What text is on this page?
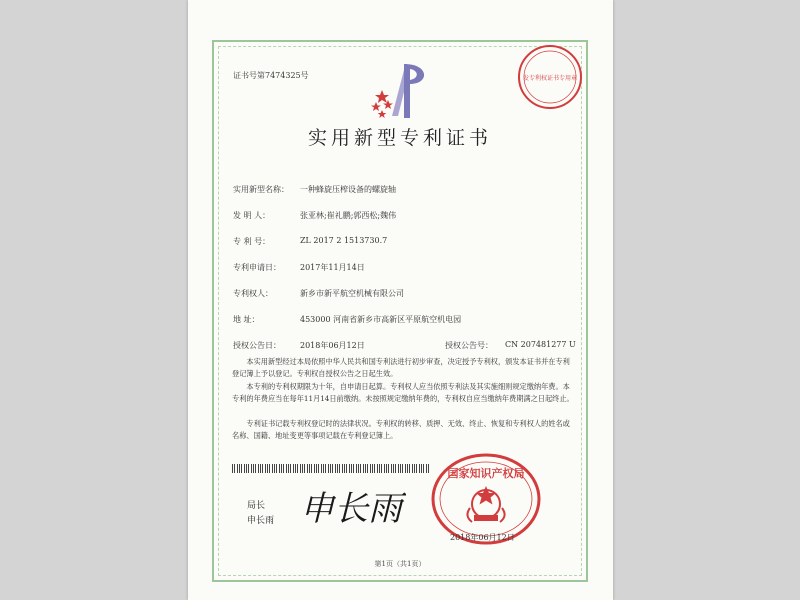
证书号第7474325号	发专利权证书专用章
实用新型专利证书
实用新型名称： 一种蜂旋压榨设备的螺旋轴
发 明 人：	张亚林;崔礼鹏;郭西松;魏伟
专 利 号：	ZL 2017 2 1513730.7
专利申请日： 2017年11月14日
专利权人：	新乡市新平航空机械有限公司
地 址：	453000 河南省新乡市高新区平原航空机电园
授权公告日： 2018年06月12日	授权公告号： CN 207481277 U
本实用新型经过本局依照中华人民共和国专利法进行初步审查，决定授予专利权，颁发本证书并在专利登记簿上予以登记。专利权自授权公告之日起生效。
本专利的专利权期限为十年，自申请日起算。专利权人应当依照专利法及其实施细则规定缴纳年费。本专利的年费应当在每年11月14日前缴纳。未按照规定缴纳年费的，专利权自应当缴纳年费期满之日起终止。
专利证书记载专利权登记时的法律状况。专利权的转移、质押、无效、终止、恢复和专利权人的姓名或名称、国籍、地址变更等事项记载在专利登记簿上。
局长
申长雨 申长雨
国家知识产权局
2018年06月12日
第1页（共1页）
